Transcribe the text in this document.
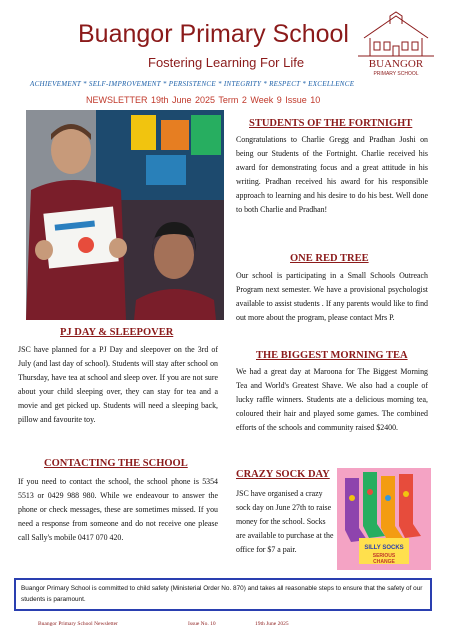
Buangor Primary School
Fostering Learning For Life	BUANGOR
PRIMARY SCHOOL
ACHIEVEMENT * SELF-IMPROVEMENT * PERSISTENCE * INTEGRITY * RESPECT * EXCELLENCE
NEWSLETTER 19th June 2025 Term 2 Week 9 Issue 10
STUDENTS OF THE FORTNIGHT

Congratulations to Charlie Gregg and Pradhan Joshi on being our Students of the Fortnight. Charlie received his award for demonstrating focus and a great attitude in his writing. Pradhan received his award for his responsible approach to learning and his desire to do his best. Well done to both Charlie and Pradhan!

ONE RED TREE

Our school is participating in a Small Schools Outreach Program next semester. We have a provisional psychologist available to assist students . If any parents would like to find out more about the program, please contact Mrs P.

THE BIGGEST MORNING TEA

We had a great day at Maroona for The Biggest Morning Tea and World's Greatest Shave. We also had a couple of lucky raffle winners. Students ate a delicious morning tea, coloured their hair and played some games. The combined efforts of the schools and community raised $2400.

CRAZY SOCK DAY

JSC have organised a crazy sock day on June 27th to raise money for the school. Socks are available to purchase at the office for $7 a pair.	SILLY SOCKS
SERIOUS
CHANGE
PJ DAY & SLEEPOVER

JSC have planned for a PJ Day and sleepover on the 3rd of July (and last day of school). Students will stay after school on Thursday, have tea at school and sleep over. If you are not sure about your child sleeping over, they can stay for tea and a movie and get picked up. Students will need a sleeping back, pillow and favourite toy.

CONTACTING THE SCHOOL

If you need to contact the school, the school phone is 5354 5513 or 0429 988 980. While we endeavour to answer the phone or check messages, these are sometimes missed. If you need a response from someone and do not receive one please call Sally's mobile 0417 070 420.

Buangor Primary School is committed to child safety (Ministerial Order No. 870) and takes all reasonable steps to ensure that the safety of our students is paramount.
Buangor Primary School Newsletter	Issue No. 10	19th June 2025
